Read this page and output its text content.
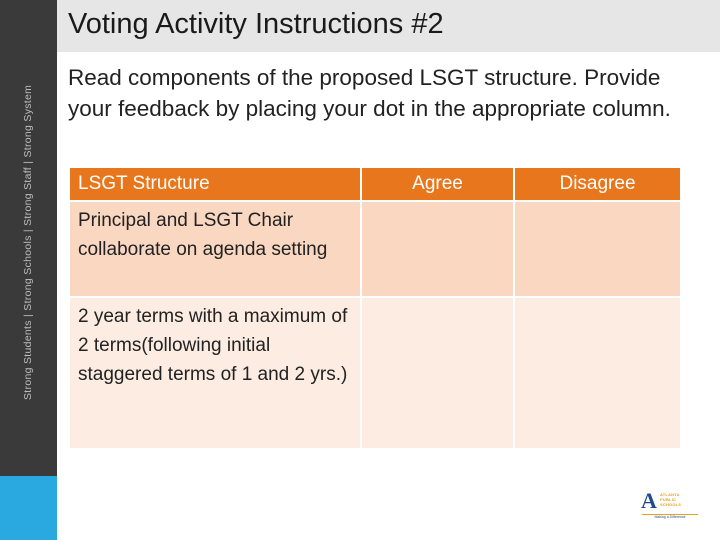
Strong Students | Strong Schools | Strong Staff | Strong System
Voting Activity Instructions #2
Read components of the proposed LSGT structure. Provide your feedback by placing your dot in the appropriate column.
LSGT Structure	Agree	Disagree

Principal and LSGT Chair collaborate on agenda setting		

2 year terms with a maximum of 2 terms(following initial staggered terms of 1 and 2 yrs.)		

A ATLANTA
PUBLIC
SCHOOLS
Making a Difference
